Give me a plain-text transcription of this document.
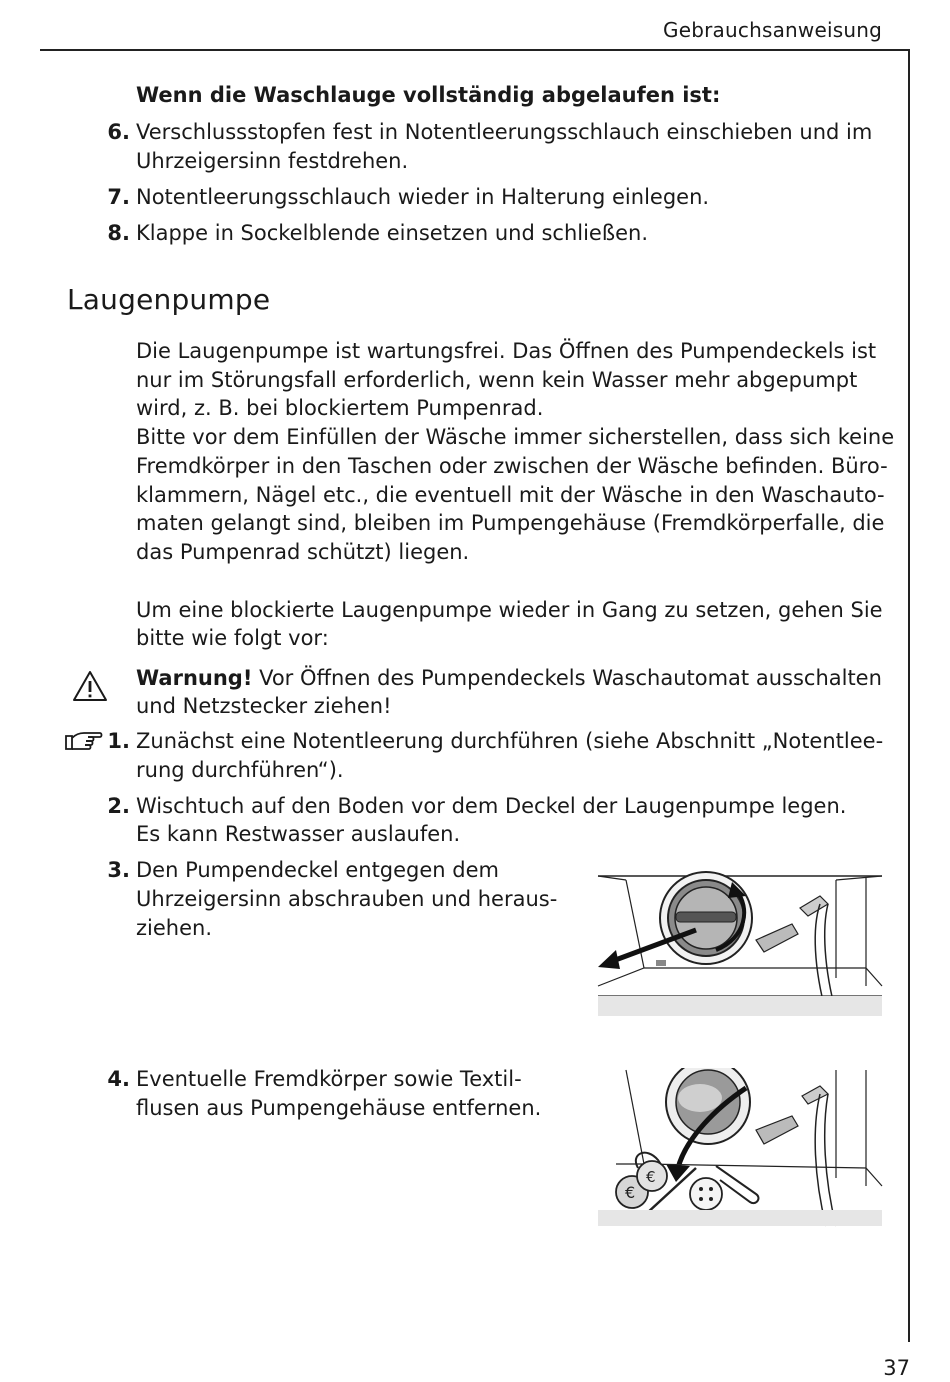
Gebrauchsanweisung
Wenn die Waschlauge vollständig abgelaufen ist:
6. Verschlussstopfen fest in Notentleerungsschlauch einschieben und im
Uhrzeigersinn festdrehen.
7. Notentleerungsschlauch wieder in Halterung einlegen.
8. Klappe in Sockelblende einsetzen und schließen.
Laugenpumpe
Die Laugenpumpe ist wartungsfrei. Das Öffnen des Pumpendeckels ist
nur im Störungsfall erforderlich, wenn kein Wasser mehr abgepumpt
wird, z. B. bei blockiertem Pumpenrad.
Bitte vor dem Einfüllen der Wäsche immer sicherstellen, dass sich keine
Fremdkörper in den Taschen oder zwischen der Wäsche befinden. Büro-
klammern, Nägel etc., die eventuell mit der Wäsche in den Waschauto-
maten gelangt sind, bleiben im Pumpengehäuse (Fremdkörperfalle, die
das Pumpenrad schützt) liegen.
Um eine blockierte Laugenpumpe wieder in Gang zu setzen, gehen Sie
bitte wie folgt vor:
Warnung! Vor Öffnen des Pumpendeckels Waschautomat ausschalten
und Netzstecker ziehen!
1. Zunächst eine Notentleerung durchführen (siehe Abschnitt „Notentlee-
rung durchführen“).
2. Wischtuch auf den Boden vor dem Deckel der Laugenpumpe legen.
Es kann Restwasser auslaufen.
3. Den Pumpendeckel entgegen dem
Uhrzeigersinn abschrauben und heraus-
ziehen.
4. Eventuelle Fremdkörper sowie Textil-
flusen aus Pumpengehäuse entfernen.
€
€
37
